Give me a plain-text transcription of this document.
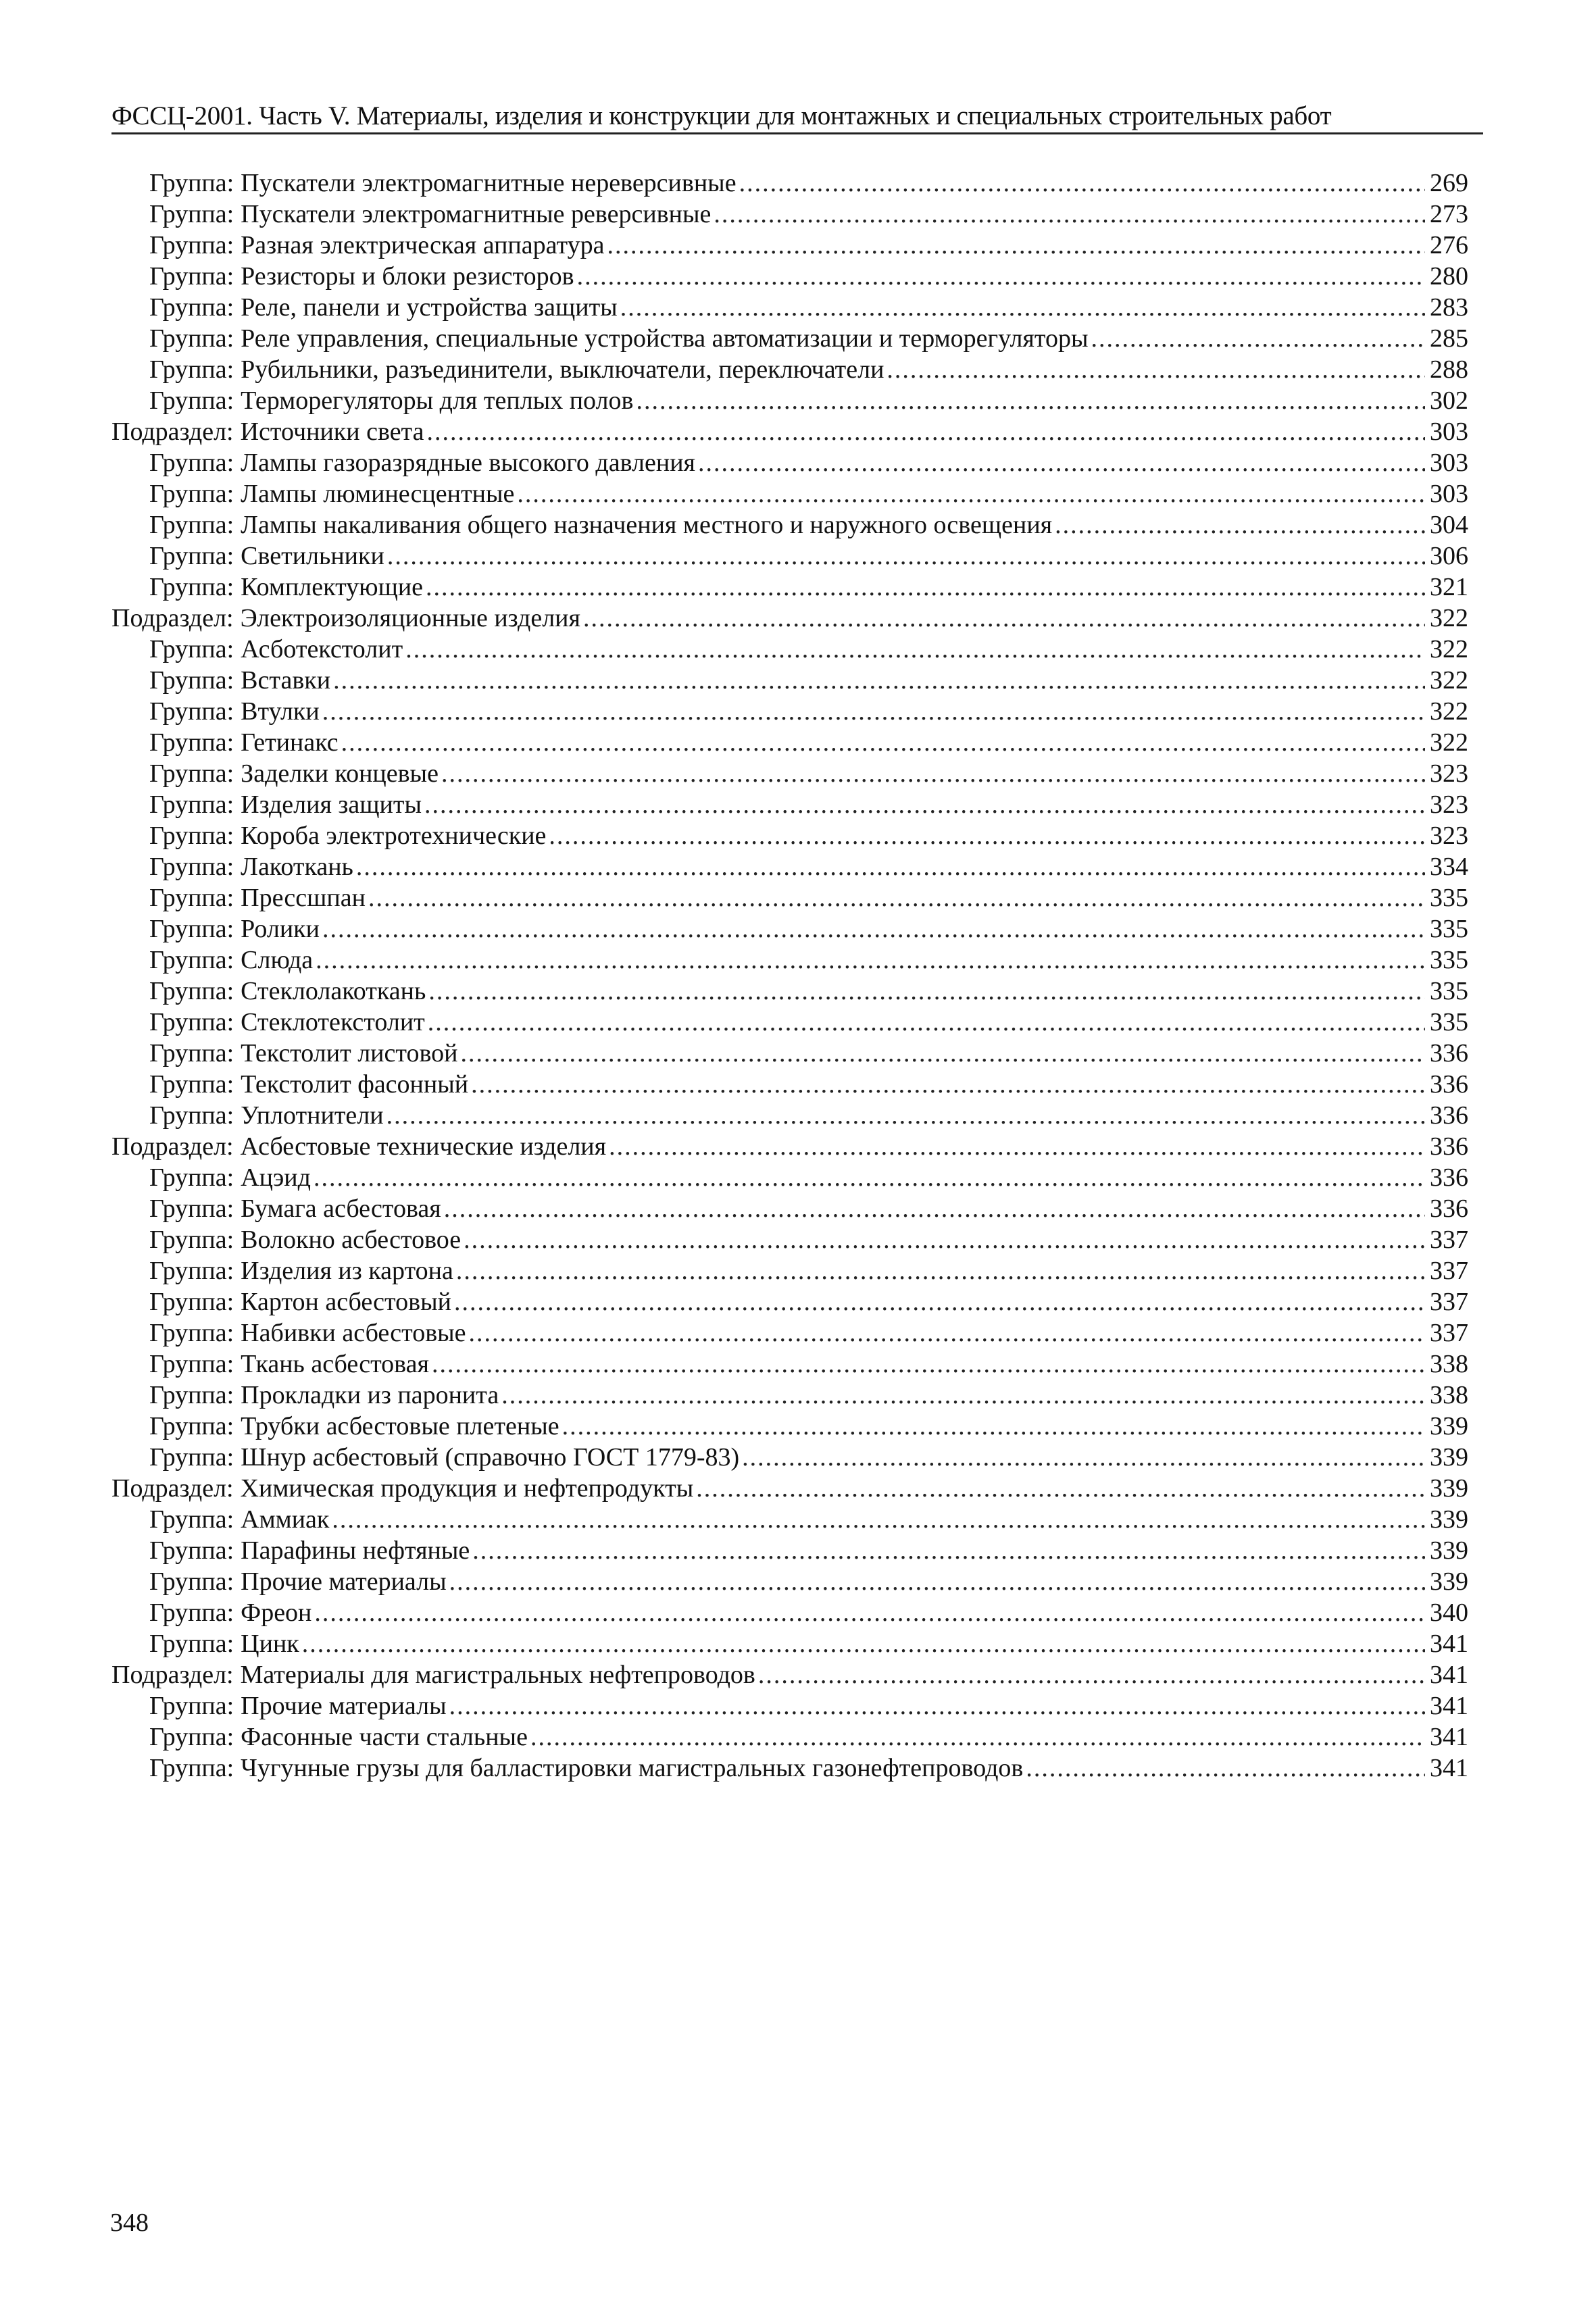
ФССЦ-2001. Часть V. Материалы, изделия и конструкции для монтажных и специальных строительных работ
Группа: Пускатели электромагнитные нереверсивные .....	269
Группа: Пускатели электромагнитные реверсивные .....	273
Группа: Разная электрическая аппаратура .....	276
Группа: Резисторы и блоки резисторов .....	280
Группа: Реле, панели и устройства защиты .....	283
Группа: Реле управления, специальные устройства автоматизации и терморегуляторы .....	285
Группа: Рубильники, разъединители, выключатели, переключатели .....	288
Группа: Терморегуляторы для теплых полов .....	302
Подраздел: Источники света .....	303
Группа: Лампы газоразрядные высокого давления .....	303
Группа: Лампы люминесцентные .....	303
Группа: Лампы накаливания общего назначения местного и наружного освещения .....	304
Группа: Светильники .....	306
Группа: Комплектующие .....	321
Подраздел: Электроизоляционные изделия .....	322
Группа: Асботекстолит .....	322
Группа: Вставки .....	322
Группа: Втулки .....	322
Группа: Гетинакс .....	322
Группа: Заделки концевые .....	323
Группа: Изделия защиты .....	323
Группа: Короба электротехнические .....	323
Группа: Лакоткань .....	334
Группа: Прессшпан .....	335
Группа: Ролики .....	335
Группа: Слюда .....	335
Группа: Стеклолакоткань .....	335
Группа: Стеклотекстолит .....	335
Группа: Текстолит листовой .....	336
Группа: Текстолит фасонный .....	336
Группа: Уплотнители .....	336
Подраздел: Асбестовые технические изделия .....	336
Группа: Ацэид .....	336
Группа: Бумага асбестовая .....	336
Группа: Волокно асбестовое .....	337
Группа: Изделия из картона .....	337
Группа: Картон асбестовый .....	337
Группа: Набивки асбестовые .....	337
Группа: Ткань асбестовая .....	338
Группа: Прокладки из паронита .....	338
Группа: Трубки асбестовые плетеные .....	339
Группа: Шнур асбестовый (справочно ГОСТ 1779-83) .....	339
Подраздел: Химическая продукция и нефтепродукты .....	339
Группа: Аммиак .....	339
Группа: Парафины нефтяные .....	339
Группа: Прочие материалы .....	339
Группа: Фреон .....	340
Группа: Цинк .....	341
Подраздел: Материалы для магистральных нефтепроводов .....	341
Группа: Прочие материалы .....	341
Группа: Фасонные части стальные .....	341
Группа: Чугунные грузы для балластировки магистральных газонефтепроводов .....	341
348
